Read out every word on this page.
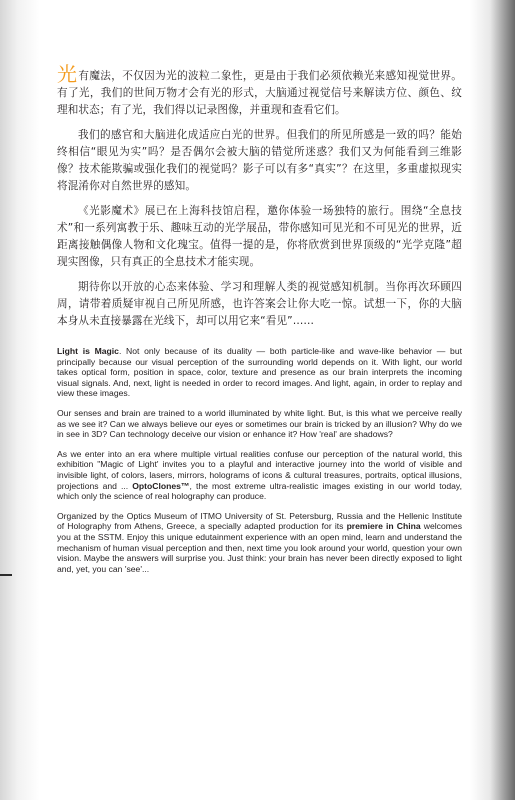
光有魔法，不仅因为光的波粒二象性，更是由于我们必须依赖光来感知视觉世界。有了光，我们的世间万物才会有光的形式，大脑通过视觉信号来解读方位、颜色、纹理和状态；有了光，我们得以记录图像，并重现和查看它们。

我们的感官和大脑进化成适应白光的世界。但我们的所见所感是一致的吗？能始终相信“眼见为实”吗？是否偶尔会被大脑的错觉所迷惑？我们又为何能看到三维影像？技术能欺骗或强化我们的视觉吗？影子可以有多“真实”？在这里，多重虚拟现实将混淆你对自然世界的感知。

《光影魔术》展已在上海科技馆启程，邀你体验一场独特的旅行。围绕“全息技术”和一系列寓教于乐、趣味互动的光学展品，带你感知可见光和不可见光的世界，近距离接触偶像人物和文化瑰宝。值得一提的是，你将欣赏到世界顶级的“光学克隆”超现实图像，只有真正的全息技术才能实现。

期待你以开放的心态来体验、学习和理解人类的视觉感知机制。当你再次环顾四周，请带着质疑审视自己所见所感，也许答案会让你大吃一惊。试想一下，你的大脑本身从未直接暴露在光线下，却可以用它来“看见”……

Light is Magic. Not only because of its duality — both particle-like and wave-like behavior — but principally because our visual perception of the surrounding world depends on it. With light, our world takes optical form, position in space, color, texture and presence as our brain interprets the incoming visual signals. And, next, light is needed in order to record images. And light, again, in order to replay and view these images.

Our senses and brain are trained to a world illuminated by white light. But, is this what we perceive really as we see it? Can we always believe our eyes or sometimes our brain is tricked by an illusion? Why do we in see in 3D? Can technology deceive our vision or enhance it? How 'real' are shadows?

As we enter into an era where multiple virtual realities confuse our perception of the natural world, this exhibition "Magic of Light' invites you to a playful and interactive journey into the world of visible and invisible light, of colors, lasers, mirrors, holograms of icons & cultural treasures, portraits, optical illusions, projections and ... OptoClones™, the most extreme ultra-realistic images existing in our world today, which only the science of real holography can produce.

Organized by the Optics Museum of ITMO University of St. Petersburg, Russia and the Hellenic Institute of Holography from Athens, Greece, a specially adapted production for its premiere in China welcomes you at the SSTM. Enjoy this unique edutainment experience with an open mind, learn and understand the mechanism of human visual perception and then, next time you look around your world, question your own vision. Maybe the answers will surprise you. Just think: your brain has never been directly exposed to light and, yet, you can 'see'...
